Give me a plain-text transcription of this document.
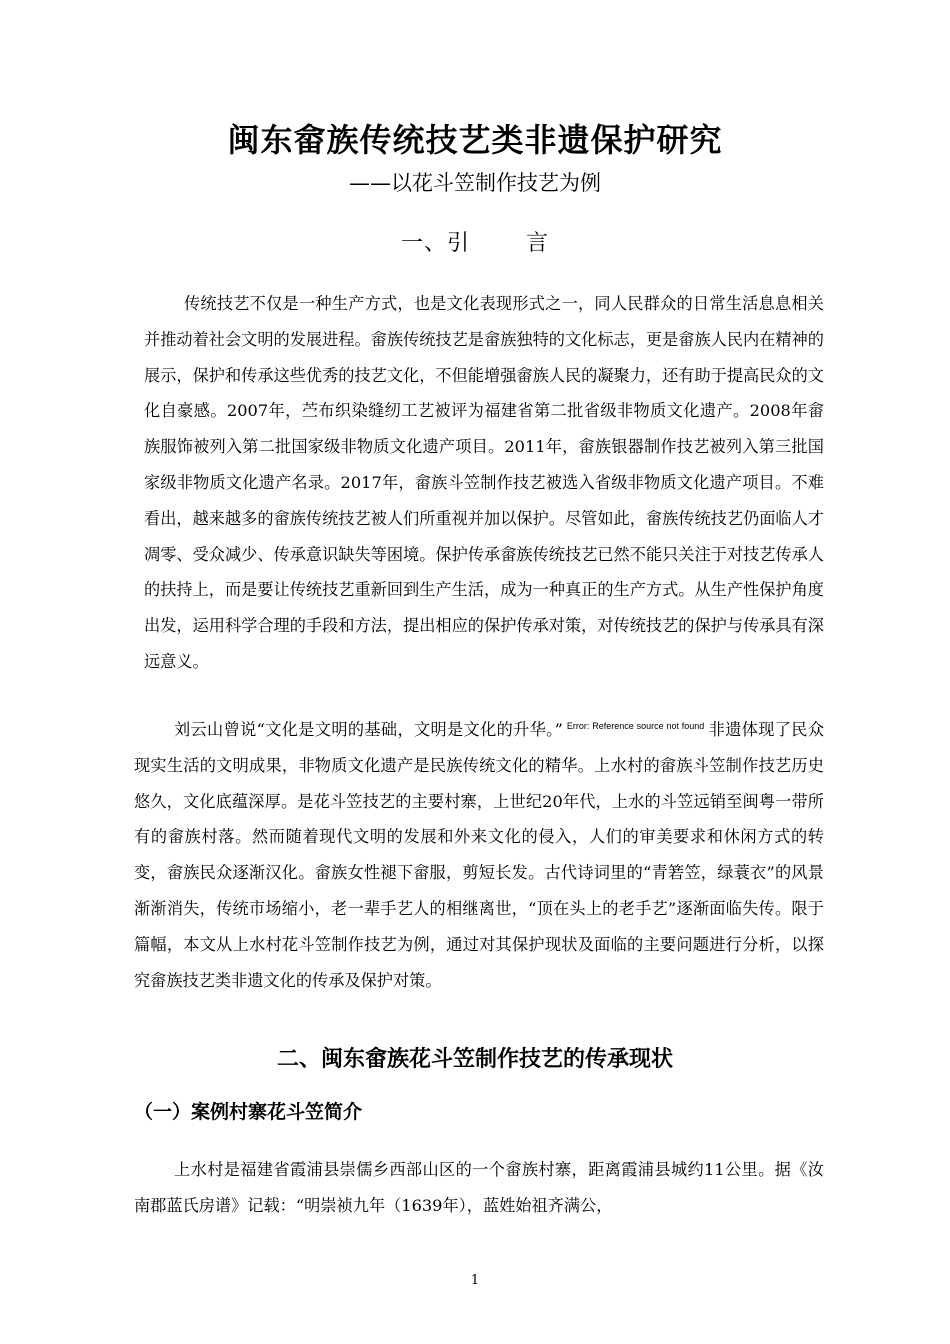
闽东畲族传统技艺类非遗保护研究
——以花斗笠制作技艺为例
一、引	言

传统技艺不仅是一种生产方式，也是文化表现形式之一，同人民群众的日常生活息息相关并推动着社会文明的发展进程。畲族传统技艺是畲族独特的文化标志，更是畲族人民内在精神的展示，保护和传承这些优秀的技艺文化，不但能增强畲族人民的凝聚力，还有助于提高民众的文化自豪感。2007年，苎布织染缝纫工艺被评为福建省第二批省级非物质文化遗产。2008年畲族服饰被列入第二批国家级非物质文化遗产项目。2011年，畲族银器制作技艺被列入第三批国家级非物质文化遗产名录。2017年，畲族斗笠制作技艺被选入省级非物质文化遗产项目。不难看出，越来越多的畲族传统技艺被人们所重视并加以保护。尽管如此，畲族传统技艺仍面临人才凋零、受众减少、传承意识缺失等困境。保护传承畲族传统技艺已然不能只关注于对技艺传承人的扶持上，而是要让传统技艺重新回到生产生活，成为一种真正的生产方式。从生产性保护角度出发，运用科学合理的手段和方法，提出相应的保护传承对策，对传统技艺的保护与传承具有深远意义。

刘云山曾说“文化是文明的基础，文明是文化的升华。” $^{Error: Reference source not found}$ 非遗体现了民众现实生活的文明成果，非物质文化遗产是民族传统文化的精华。上水村的畲族斗笠制作技艺历史悠久，文化底蕴深厚。是花斗笠技艺的主要村寨，上世纪20年代，上水的斗笠远销至闽粤一带所有的畲族村落。然而随着现代文明的发展和外来文化的侵入，人们的审美要求和休闲方式的转变，畲族民众逐渐汉化。畲族女性褪下畲服，剪短长发。古代诗词里的“青箬笠，绿蓑衣”的风景渐渐消失，传统市场缩小，老一辈手艺人的相继离世，“顶在头上的老手艺”逐渐面临失传。限于篇幅，本文从上水村花斗笠制作技艺为例，通过对其保护现状及面临的主要问题进行分析，以探究畲族技艺类非遗文化的传承及保护对策。

二、闽东畲族花斗笠制作技艺的传承现状
（一）案例村寨花斗笠简介

上水村是福建省霞浦县崇儒乡西部山区的一个畲族村寨，距离霞浦县城约11公里。据《汝南郡蓝氏房谱》记载：“明崇祯九年（1639年），蓝姓始祖齐满公，

1
